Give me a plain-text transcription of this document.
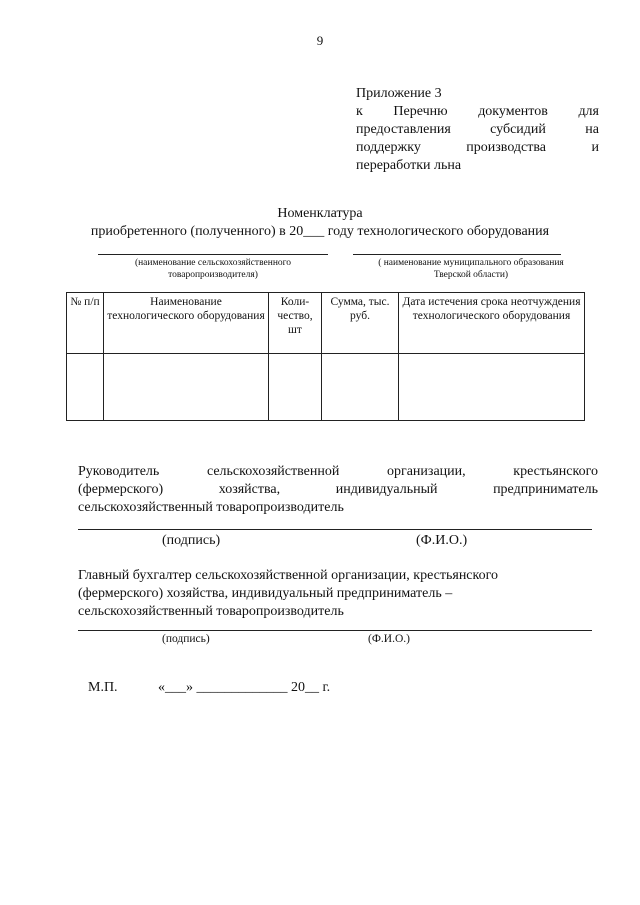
9
Приложение 3
к Перечню документов для
предоставления	субсидий	на
поддержку	производства	и
переработки льна
Номенклатура
приобретенного (полученного) в 20___ году технологического оборудования
(наименование сельскохозяйственного товаропроизводителя)
( наименование муниципального образования Тверской области)
№ п/п	Наименование технологического оборудования	Коли-чество, шт	Сумма, тыс. руб.	Дата истечения срока неотчуждения технологического оборудования

Руководитель	сельскохозяйственной	организации,	крестьянского
(фермерского)	хозяйства,	индивидуальный	предприниматель
сельскохозяйственный товаропроизводитель
(подпись)	(Ф.И.О.)
Главный бухгалтер сельскохозяйственной организации, крестьянского
(фермерского) хозяйства, индивидуальный предприниматель –
сельскохозяйственный товаропроизводитель
(подпись)	(Ф.И.О.)
М.П.	«___» _____________ 20__ г.
